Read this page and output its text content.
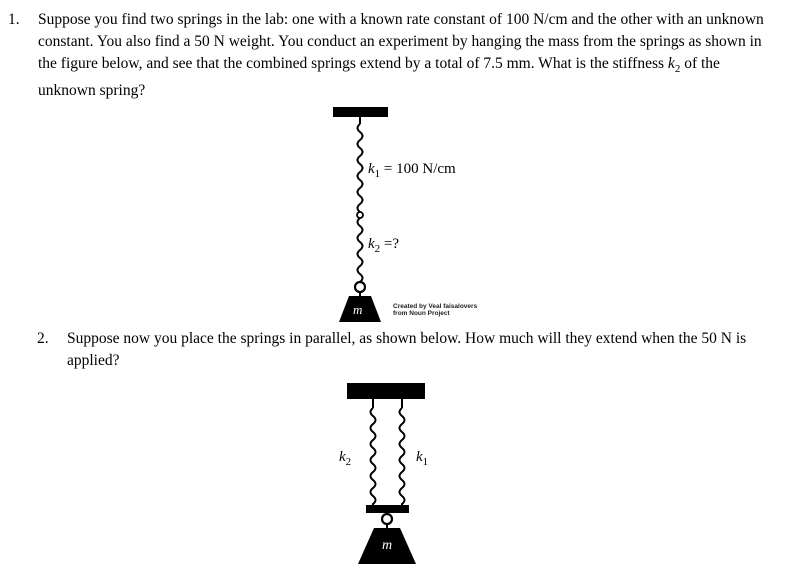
1. Suppose you find two springs in the lab: one with a known rate constant of 100 N/cm and the other with an unknown constant. You also find a 50 N weight. You conduct an experiment by hanging the mass from the springs as shown in the figure below, and see that the combined springs extend by a total of 7.5 mm. What is the stiffness $k_2$ of the unknown spring?
$k_1 = 100$ N/cm
$k_2$ =?
m	Created by Veal faisalovers
from Noun Project
2. Suppose now you place the springs in parallel, as shown below. How much will they extend when the 50 N is applied?
$k_2$	$k_1$
m
